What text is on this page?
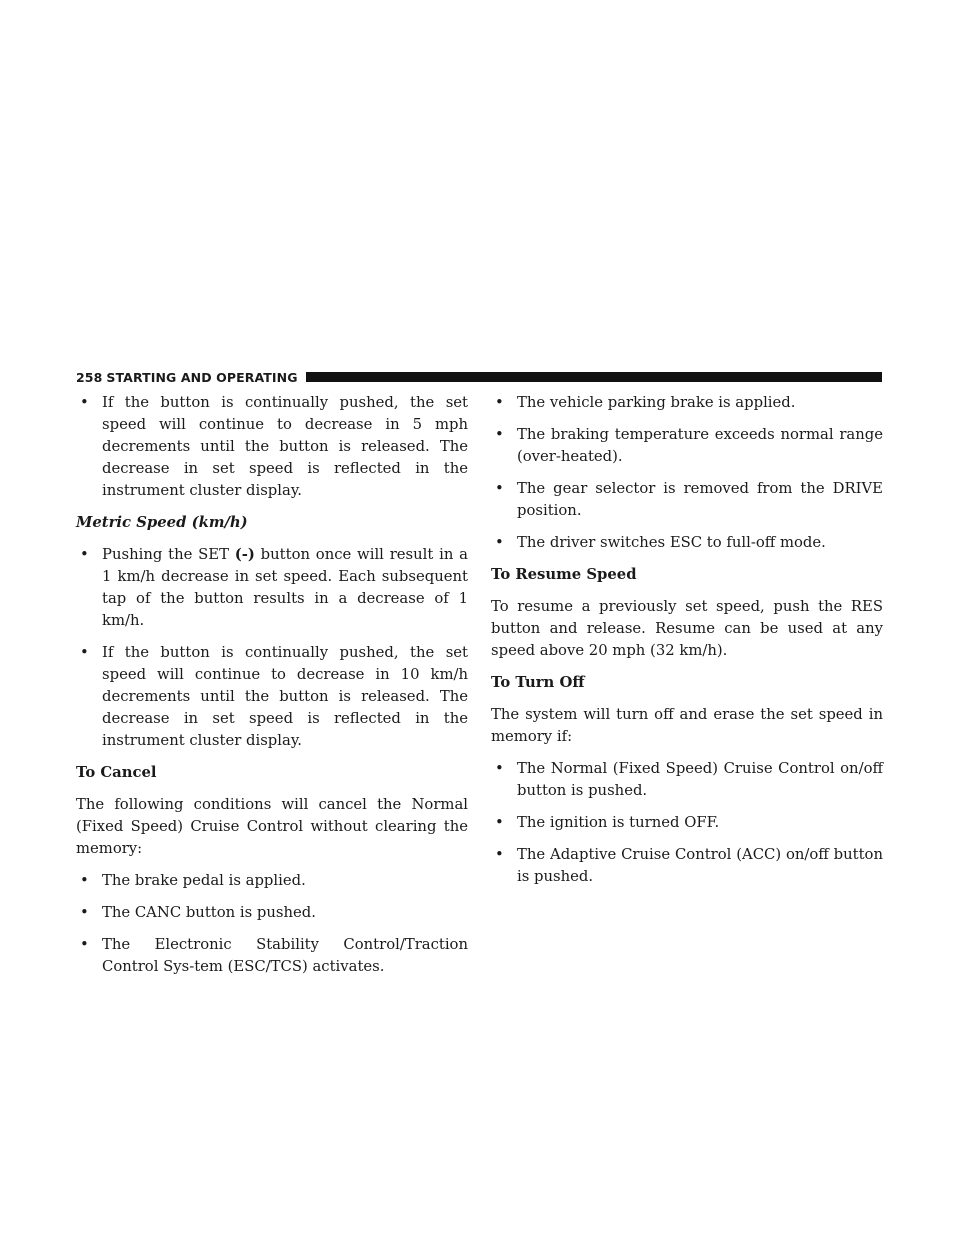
258 STARTING AND OPERATING
• If the button is continually pushed, the set speed will continue to decrease in 5 mph decrements until the button is released. The decrease in set speed is reflected in the instrument cluster display.
Metric Speed (km/h)
• Pushing the SET (-) button once will result in a 1 km/h decrease in set speed. Each subsequent tap of the button results in a decrease of 1 km/h.
• If the button is continually pushed, the set speed will continue to decrease in 10 km/h decrements until the button is released. The decrease in set speed is reflected in the instrument cluster display.
To Cancel
The following conditions will cancel the Normal (Fixed Speed) Cruise Control without clearing the memory:
• The brake pedal is applied.
• The CANC button is pushed.
• The Electronic Stability Control/Traction Control Sys-tem (ESC/TCS) activates.
• The vehicle parking brake is applied.
• The braking temperature exceeds normal range (over-heated).
• The gear selector is removed from the DRIVE position.
• The driver switches ESC to full-off mode.
To Resume Speed
To resume a previously set speed, push the RES button and release. Resume can be used at any speed above 20 mph (32 km/h).
To Turn Off
The system will turn off and erase the set speed in memory if:
• The Normal (Fixed Speed) Cruise Control on/off button is pushed.
• The ignition is turned OFF.
• The Adaptive Cruise Control (ACC) on/off button is pushed.
